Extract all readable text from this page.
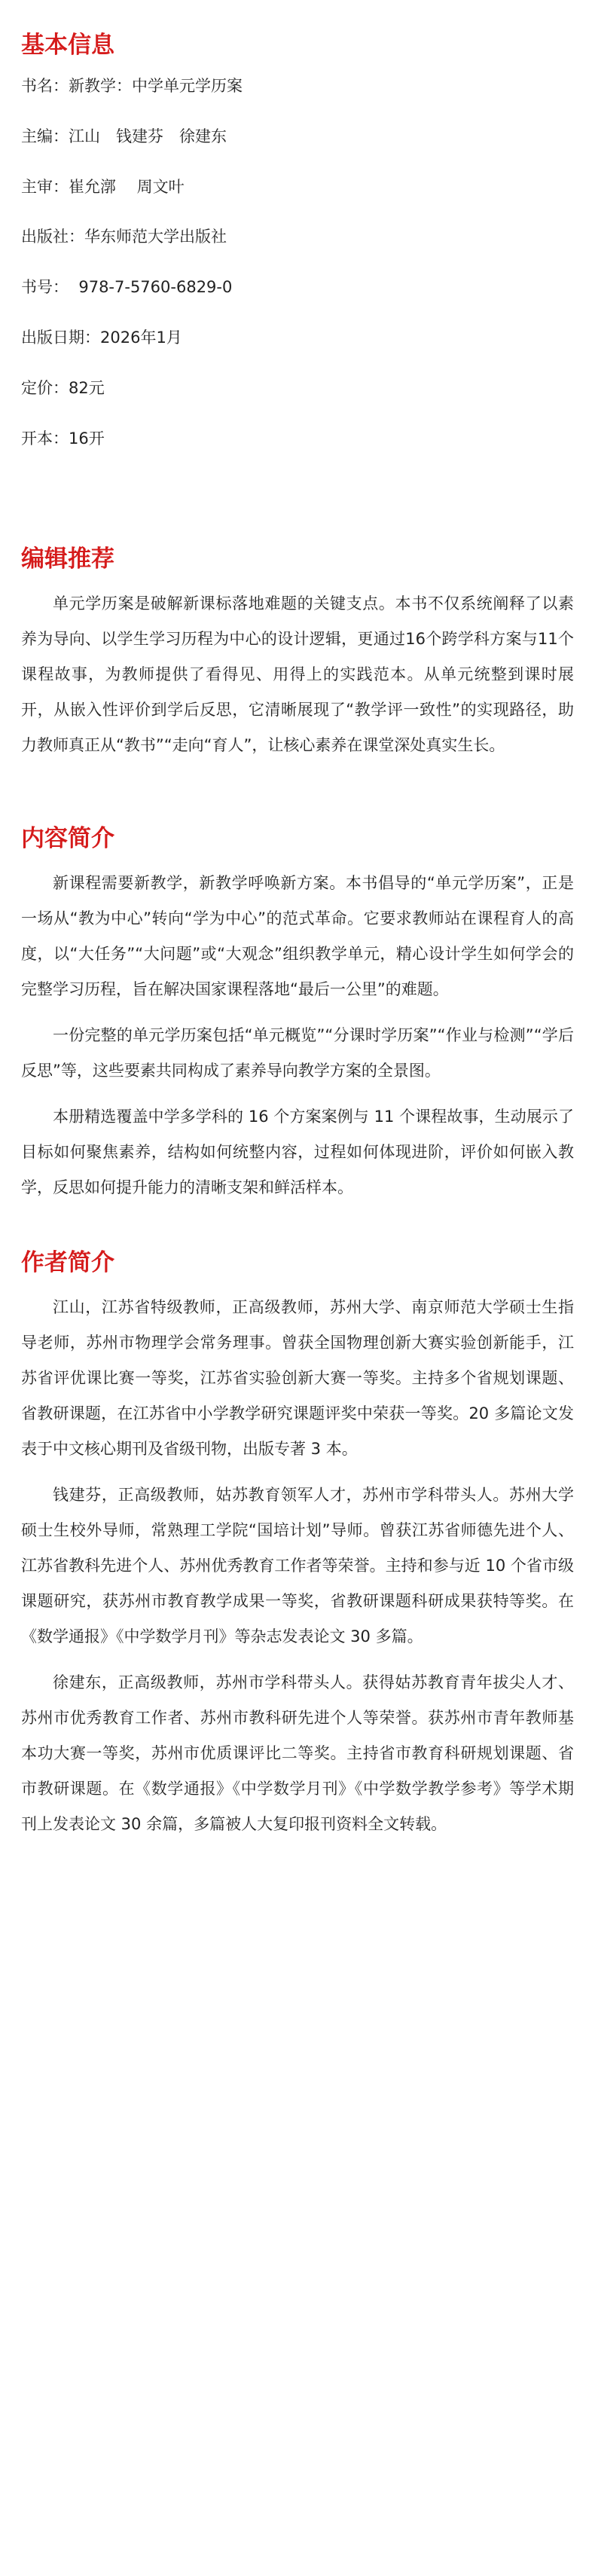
基本信息
书名：新教学：中学单元学历案
主编：江山　钱建芬　徐建东
主审：崔允漷　 周文叶
出版社：华东师范大学出版社
书号：  978-7-5760-6829-0
出版日期：2026年1月
定价：82元
开本：16开
编辑推荐

单元学历案是破解新课标落地难题的关键支点。本书不仅系统阐释了以素养为导向、以学生学习历程为中心的设计逻辑，更通过16个跨学科方案与11个课程故事，为教师提供了看得见、用得上的实践范本。从单元统整到课时展开，从嵌入性评价到学后反思，它清晰展现了“教学评一致性”的实现路径，助力教师真正从“教书”“走向“育人”，让核心素养在课堂深处真实生长。

内容简介

新课程需要新教学，新教学呼唤新方案。本书倡导的“单元学历案”，正是一场从“教为中心”转向“学为中心”的范式革命。它要求教师站在课程育人的高度，以“大任务”“大问题”或“大观念”组织教学单元，精心设计学生如何学会的完整学习历程，旨在解决国家课程落地“最后一公里”的难题。

一份完整的单元学历案包括“单元概览”“分课时学历案”“作业与检测”“学后反思”等，这些要素共同构成了素养导向教学方案的全景图。

本册精选覆盖中学多学科的 16 个方案案例与 11 个课程故事，生动展示了目标如何聚焦素养，结构如何统整内容，过程如何体现进阶，评价如何嵌入教学，反思如何提升能力的清晰支架和鲜活样本。

作者简介

江山，江苏省特级教师，正高级教师，苏州大学、南京师范大学硕士生指导老师，苏州市物理学会常务理事。曾获全国物理创新大赛实验创新能手，江苏省评优课比赛一等奖，江苏省实验创新大赛一等奖。主持多个省规划课题、省教研课题，在江苏省中小学教学研究课题评奖中荣获一等奖。20 多篇论文发表于中文核心期刊及省级刊物，出版专著 3 本。

钱建芬，正高级教师，姑苏教育领军人才，苏州市学科带头人。苏州大学硕士生校外导师，常熟理工学院“国培计划”导师。曾获江苏省师德先进个人、江苏省教科先进个人、苏州优秀教育工作者等荣誉。主持和参与近 10 个省市级课题研究，获苏州市教育教学成果一等奖，省教研课题科研成果获特等奖。在《数学通报》《中学数学月刊》等杂志发表论文 30 多篇。

徐建东，正高级教师，苏州市学科带头人。获得姑苏教育青年拔尖人才、苏州市优秀教育工作者、苏州市教科研先进个人等荣誉。获苏州市青年教师基本功大赛一等奖，苏州市优质课评比二等奖。主持省市教育科研规划课题、省市教研课题。在《数学通报》《中学数学月刊》《中学数学教学参考》等学术期刊上发表论文 30 余篇，多篇被人大复印报刊资料全文转载。
